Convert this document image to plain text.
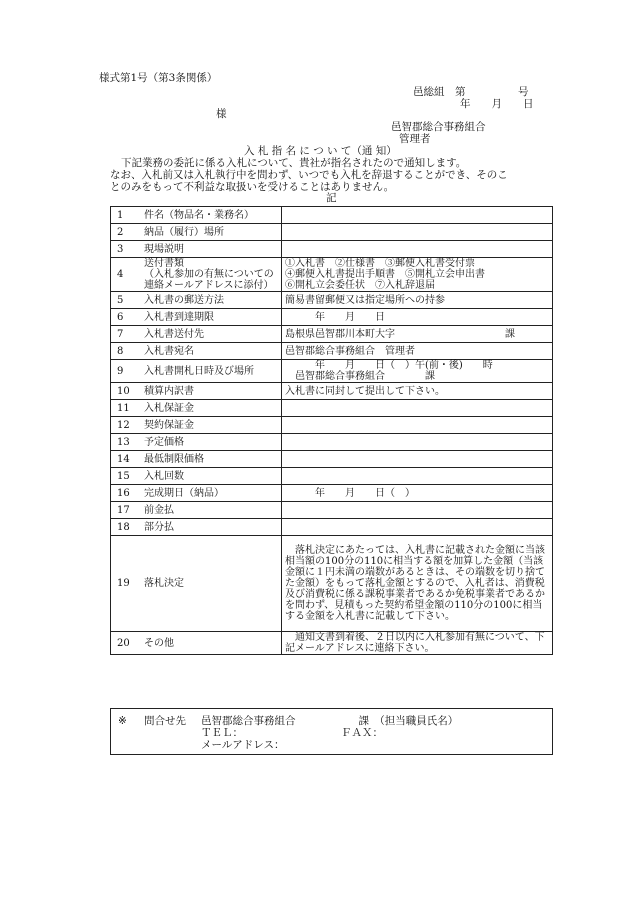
様式第1号（第3条関係）
邑総組　第　　　　　号
年　　月　　日
様
邑智郡総合事務組合
管理者
入 札 指 名 に つ い て（通 知）
下記業務の委託に係る入札について、貴社が指名されたので通知します。
なお、入札前又は入札執行中を問わず、いつでも入札を辞退することができ、そのこ
とのみをもって不利益な取扱いを受けることはありません。
記
1	件名（物品名・業務名）	
2	納品（履行）場所	
3	現場説明	
4	送付書類
（入札参加の有無についての
連絡メールアドレスに添付）	①入札書　②仕様書　③郵便入札書受付票
④郵便入札書提出手順書　⑤開札立会申出書
⑥開札立会委任状　⑦入札辞退届
5	入札書の郵送方法	簡易書留郵便又は指定場所への持参
6	入札書到達期限	　　　年　　月　　日
7	入札書送付先	島根県邑智郡川本町大字　　　　　　　　　　　課
8	入札書宛名	邑智郡総合事務組合　管理者
9	入札書開札日時及び場所	　　　年　　月　　日（　）午(前・後)　　時
　邑智郡総合事務組合　　　　課
10	積算内訳書	入札書に同封して提出して下さい。
11	入札保証金	
12	契約保証金	
13	予定価格	
14	最低制限価格	
15	入札回数	
16	完成期日（納品）	　　　年　　月　　日（　）
17	前金払	
18	部分払	
19	落札決定	　落札決定にあたっては、入札書に記載された金額に当該相当額の100分の110に相当する額を加算した金額（当該金額に１円未満の端数があるときは、その端数を切り捨てた金額）をもって落札金額とするので、入札者は、消費税及び消費税に係る課税事業者であるか免税事業者であるかを問わず、見積もった契約希望金額の110分の100に相当する金額を入札書に記載して下さい。
20	その他	　通知文書到着後、２日以内に入札参加有無について、下記メールアドレスに連絡下さい。
※ 問合せ先 邑智郡総合事務組合　　　　　　課　（担当職員氏名）
ＴＥＬ：	ＦＡＸ：
メールアドレス：
